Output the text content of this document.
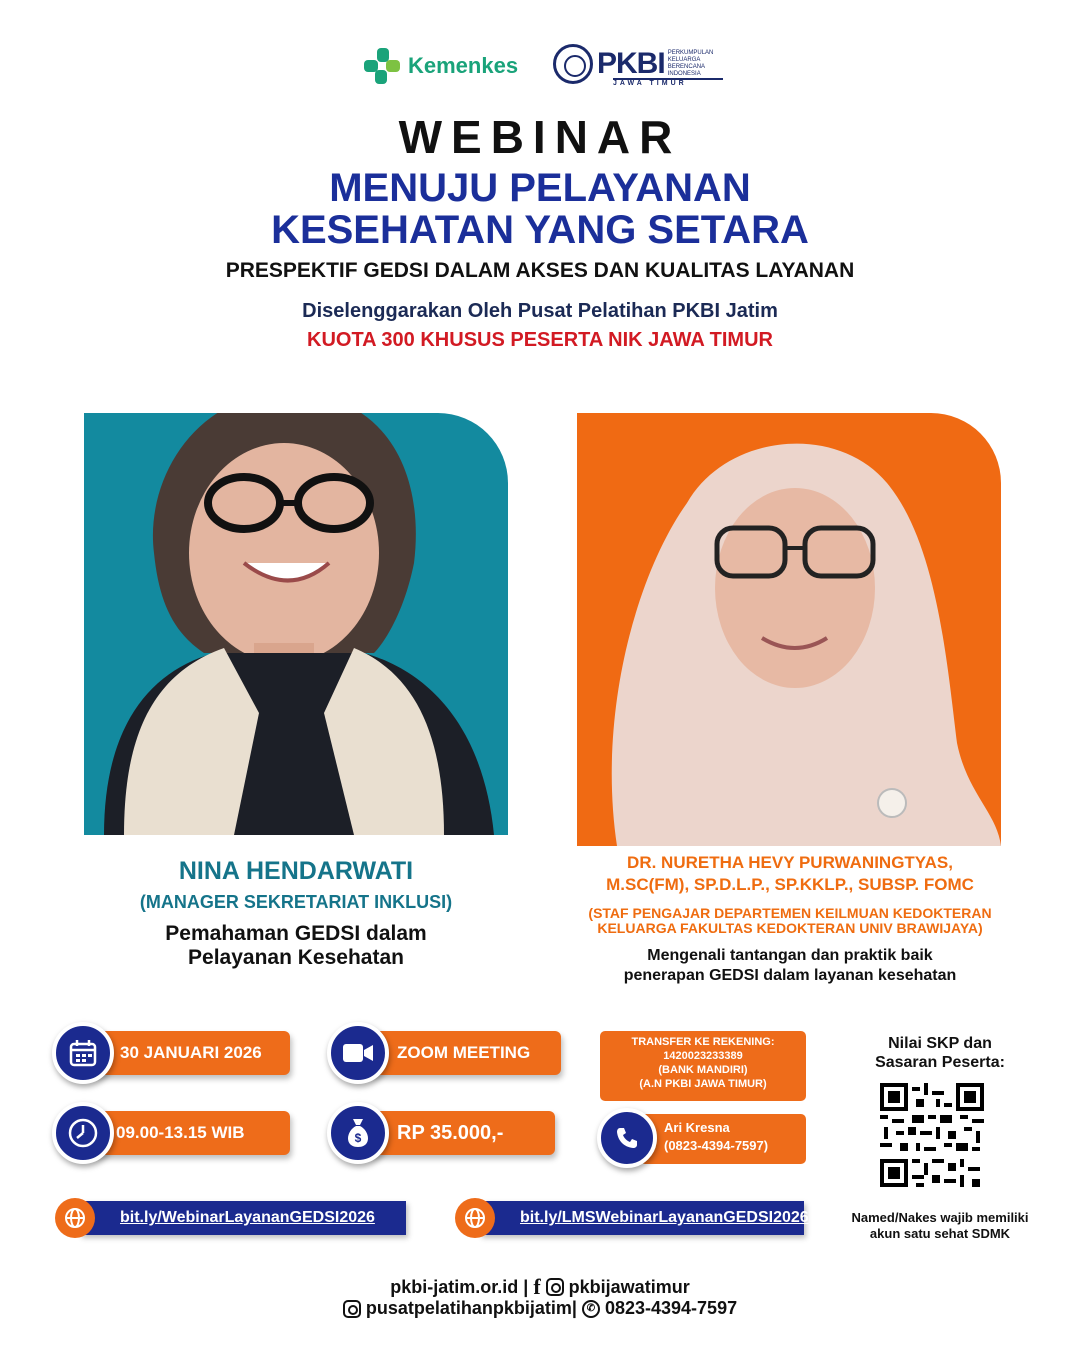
Kemenkes	PKBI PERKUMPULAN KELUARGA BERENCANA INDONESIA
JAWA TIMUR
WEBINAR
MENUJU PELAYANAN
KESEHATAN YANG SETARA
PRESPEKTIF GEDSI DALAM AKSES DAN KUALITAS LAYANAN
Diselenggarakan Oleh Pusat Pelatihan PKBI Jatim
KUOTA 300 KHUSUS PESERTA NIK JAWA TIMUR
NINA HENDARWATI
(MANAGER SEKRETARIAT INKLUSI)
Pemahaman GEDSI dalam
Pelayanan Kesehatan
DR. NURETHA HEVY PURWANINGTYAS,
M.SC(FM), SP.D.L.P., SP.KKLP., SUBSP. FOMC
(STAF PENGAJAR DEPARTEMEN KEILMUAN KEDOKTERAN
KELUARGA FAKULTAS KEDOKTERAN UNIV BRAWIJAYA)
Mengenali tantangan dan praktik baik
penerapan GEDSI dalam layanan kesehatan
30 JANUARI 2026
09.00-13.15 WIB
ZOOM MEETING
RP 35.000,-
$
TRANSFER KE REKENING:
1420023233389
(BANK MANDIRI)
(A.N PKBI JAWA TIMUR)
Ari Kresna
(0823-4394-7597)
bit.ly/WebinarLayananGEDSI2026	bit.ly/LMSWebinarLayananGEDSI2026
Nilai SKP dan
Sasaran Peserta:
Named/Nakes wajib memiliki
akun satu sehat SDMK
pkbi-jatim.or.id | f pkbijawatimur
pusatpelatihanpkbijatim| ✆ 0823-4394-7597
